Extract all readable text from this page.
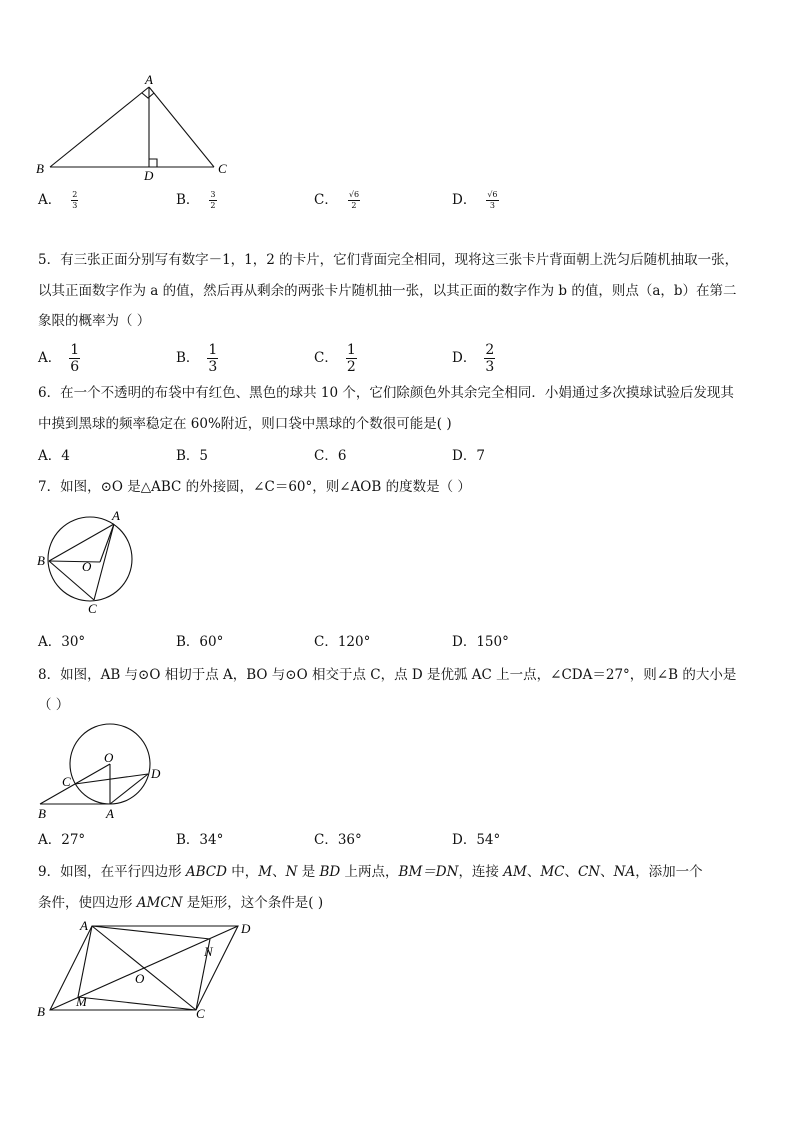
A
B	C
D
A． $\frac{2}{3}$	B． $\frac{3}{2}$	C． $\frac{√6}{2}$	D． $\frac{√6}{3}$
5．有三张正面分别写有数字－1，1，2 的卡片，它们背面完全相同，现将这三张卡片背面朝上洗匀后随机抽取一张，
以其正面数字作为 a 的值，然后再从剩余的两张卡片随机抽一张，以其正面的数字作为 b 的值，则点（a，b）在第二
象限的概率为（ ）
A． $\frac{1}{6}$	B． $\frac{1}{3}$	C． $\frac{1}{2}$	D． $\frac{2}{3}$
6．在一个不透明的布袋中有红色、黑色的球共 10 个，它们除颜色外其余完全相同．小娟通过多次摸球试验后发现其
中摸到黑球的频率稳定在 60%附近，则口袋中黑球的个数很可能是( )
A．4	B．5	C．6	D．7
7．如图，⊙O 是△ABC 的外接圆，∠C＝60°，则∠AOB 的度数是（ ）
A
B
C
O
A．30°	B．60°	C．120°	D．150°
8．如图，AB 与⊙O 相切于点 A，BO 与⊙O 相交于点 C，点 D 是优弧 AC 上一点，∠CDA＝27°，则∠B 的大小是
（ ）
O
C
D
B	A
A．27°	B．34°	C．36°	D．54°
9．如图，在平行四边形 ABCD 中，M、N 是 BD 上两点，BM＝DN，连接 AM、MC、CN、NA，添加一个
条件，使四边形 AMCN 是矩形，这个条件是( )
A	D
N
O
M
B	C
